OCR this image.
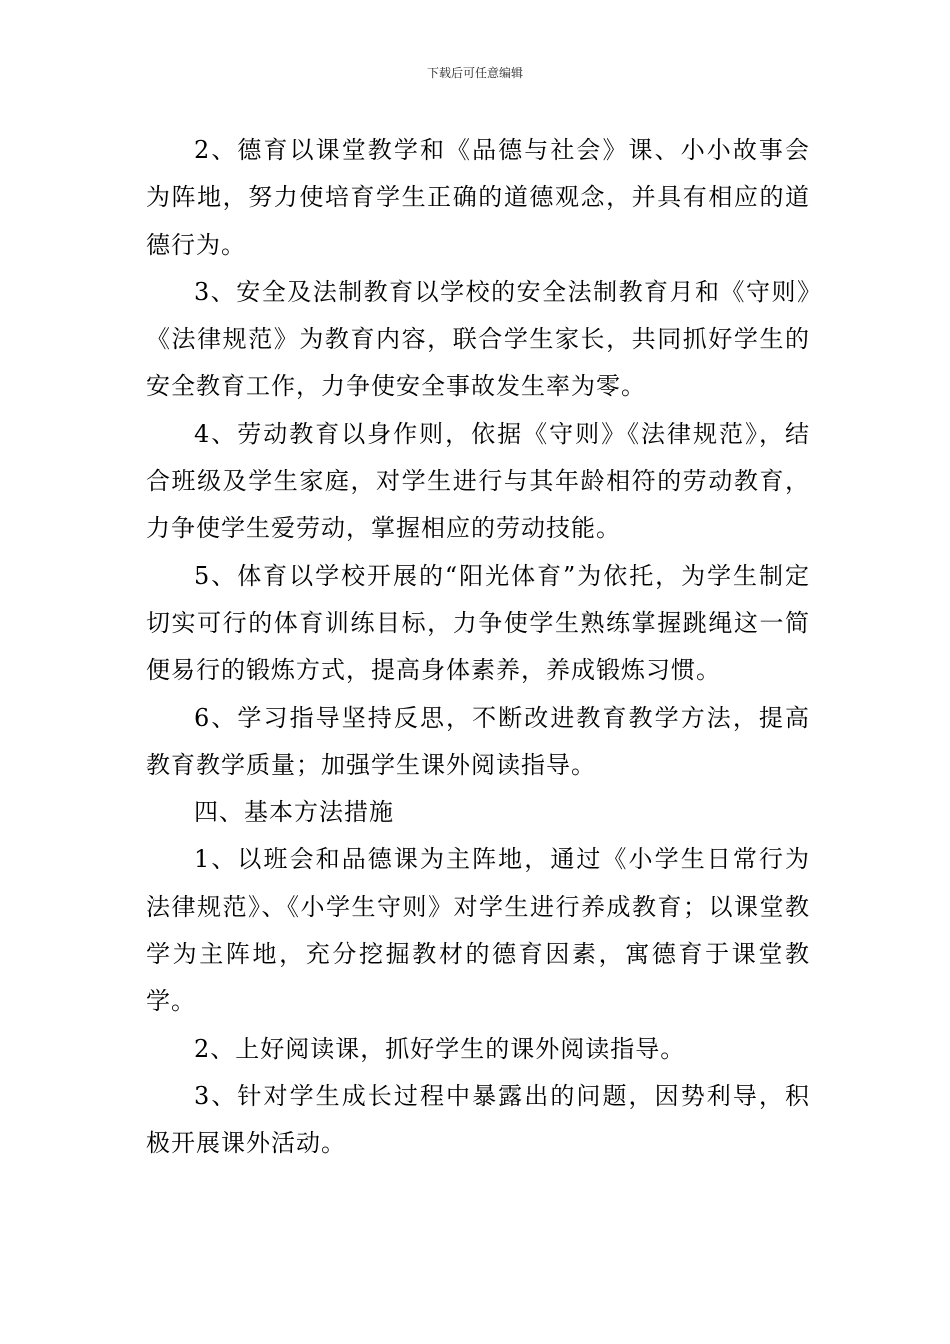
下载后可任意编辑

2、德育以课堂教学和《品德与社会》课、小小故事会为阵地，努力使培育学生正确的道德观念，并具有相应的道德行为。

3、安全及法制教育以学校的安全法制教育月和《守则》《法律规范》为教育内容，联合学生家长，共同抓好学生的安全教育工作，力争使安全事故发生率为零。

4、劳动教育以身作则，依据《守则》《法律规范》，结合班级及学生家庭，对学生进行与其年龄相符的劳动教育，力争使学生爱劳动，掌握相应的劳动技能。

5、体育以学校开展的“阳光体育”为依托，为学生制定切实可行的体育训练目标，力争使学生熟练掌握跳绳这一简便易行的锻炼方式，提高身体素养，养成锻炼习惯。

6、学习指导坚持反思，不断改进教育教学方法，提高教育教学质量；加强学生课外阅读指导。

四、基本方法措施

1、以班会和品德课为主阵地，通过《小学生日常行为法律规范》、《小学生守则》对学生进行养成教育；以课堂教学为主阵地，充分挖掘教材的德育因素，寓德育于课堂教学。

2、上好阅读课，抓好学生的课外阅读指导。

3、针对学生成长过程中暴露出的问题，因势利导，积极开展课外活动。
